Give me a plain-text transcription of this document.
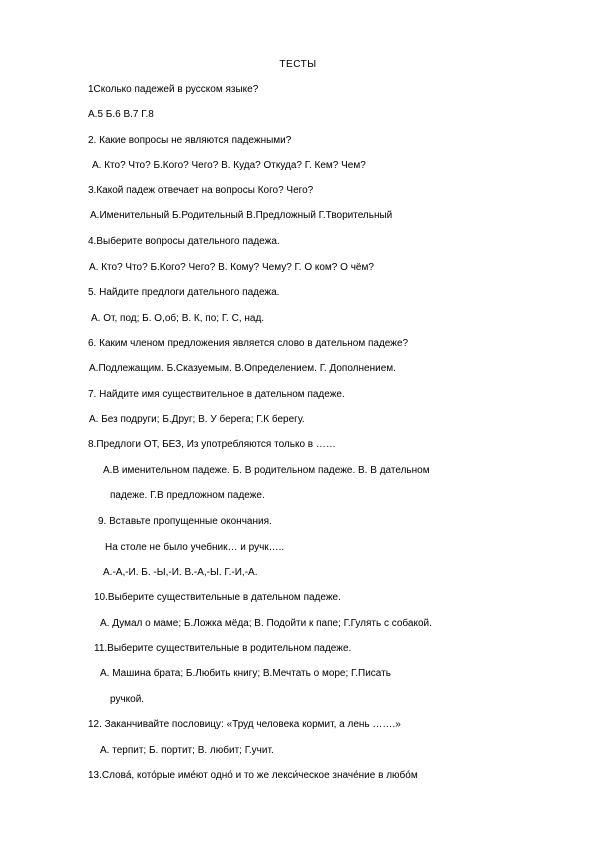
ТЕСТЫ
1Сколько падежей в русском языке?
А.5 Б.6 В.7 Г.8
2. Какие вопросы не являются падежными?
А. Кто? Что? Б.Кого? Чего? В. Куда? Откуда? Г. Кем? Чем?
3.Какой падеж отвечает на вопросы Кого? Чего?
А.Именительный Б.Родительный В.Предложный Г.Творительный
4.Выберите вопросы дательного падежа.
А. Кто? Что? Б.Кого? Чего? В. Кому? Чему? Г. О ком? О чём?
5. Найдите предлоги дательного падежа.
А. От, под; Б. О,об; В. К, по; Г. С, над.
6. Каким членом предложения является слово в дательном падеже?
А.Подлежащим. Б.Сказуемым. В.Определением. Г. Дополнением.
7. Найдите имя существительное в дательном падеже.
А. Без подруги; Б.Друг; В. У берега; Г.К берегу.
8.Предлоги ОТ, БЕЗ, Из употребляются только в ……
А.В именительном падеже. Б. В родительном падеже. В. В дательном
падеже. Г.В предложном падеже.
9. Вставьте пропущенные окончания.
На столе не было учебник… и ручк…..
А.-А,-И. Б. -Ы,-И. В.-А,-Ы. Г.-И,-А.
10.Выберите существительные в дательном падеже.
А. Думал о маме; Б.Ложка мёда; В. Подойти к папе; Г.Гулять с собакой.
11.Выберите существительные в родительном падеже.
А. Машина брата; Б.Любить книгу; В.Мечтать о море; Г.Писать
ручкой.
12. Заканчивайте пословицу: «Труд человека кормит, а лень …….»
А. терпит; Б. портит; В. любит; Г.учит.
13.Слова́, кото́рые име́ют одно́ и то же лекси́ческое значе́ние в любо́м
